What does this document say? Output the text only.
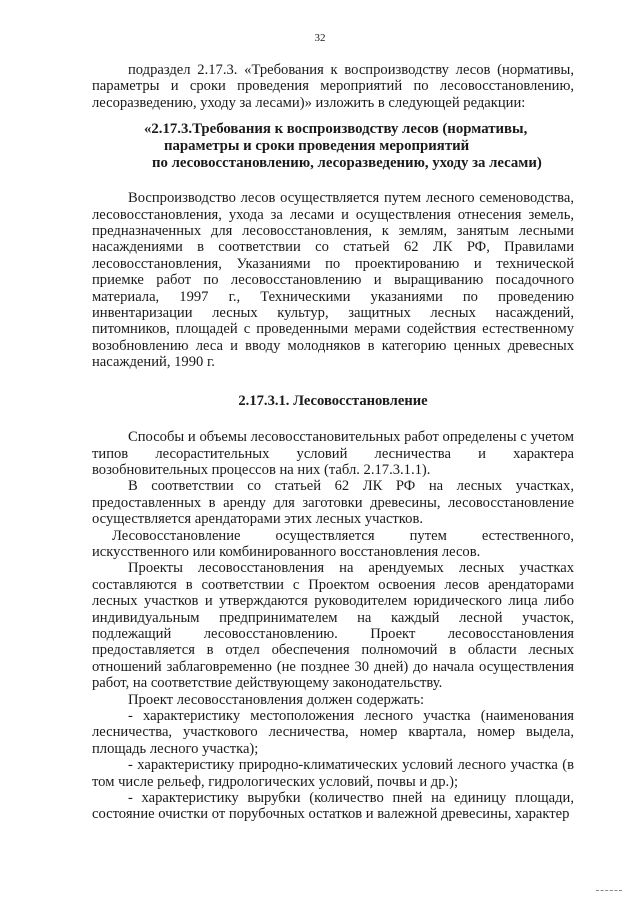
32

подраздел 2.17.3. «Требования к воспроизводству лесов (нормативы, параметры и сроки проведения мероприятий по лесовосстановлению, лесоразведению, уходу за лесами)» изложить в следующей редакции:

«2.17.3.Требования к воспроизводству лесов (нормативы,
параметры и сроки проведения мероприятий
по лесовосстановлению, лесоразведению, уходу за лесами)

Воспроизводство лесов осуществляется путем лесного семеноводства, лесовосстановления, ухода за лесами и осуществления отнесения земель, предназначенных для лесовосстановления, к землям, занятым лесными насаждениями в соответствии со статьей 62 ЛК РФ, Правилами лесовосстановления, Указаниями по проектированию и технической приемке работ по лесовосстановлению и выращиванию посадочного материала, 1997 г., Техническими указаниями по проведению инвентаризации лесных культур, защитных лесных насаждений, питомников, площадей с проведенными мерами содействия естественному возобновлению леса и вводу молодняков в категорию ценных древесных насаждений, 1990 г.

2.17.3.1. Лесовосстановление

Способы и объемы лесовосстановительных работ определены с учетом типов лесорастительных условий лесничества и характера возобновительных процессов на них (табл. 2.17.3.1.1).

В соответствии со статьей 62 ЛК РФ на лесных участках, предоставленных в аренду для заготовки древесины, лесовосстановление осуществляется арендаторами этих лесных участков.

Лесовосстановление осуществляется путем естественного, искусственного или комбинированного восстановления лесов.

Проекты лесовосстановления на арендуемых лесных участках составляются в соответствии с Проектом освоения лесов арендаторами лесных участков и утверждаются руководителем юридического лица либо индивидуальным предпринимателем на каждый лесной участок, подлежащий лесовосстановлению. Проект лесовосстановления предоставляется в отдел обеспечения полномочий в области лесных отношений заблаговременно (не позднее 30 дней) до начала осуществления работ, на соответствие действующему законодательству.

Проект лесовосстановления должен содержать:

- характеристику местоположения лесного участка (наименования лесничества, участкового лесничества, номер квартала, номер выдела, площадь лесного участка);

- характеристику природно-климатических условий лесного участка (в том числе рельеф, гидрологических условий, почвы и др.);

- характеристику вырубки (количество пней на единицу площади, состояние очистки от порубочных остатков и валежной древесины, характер
